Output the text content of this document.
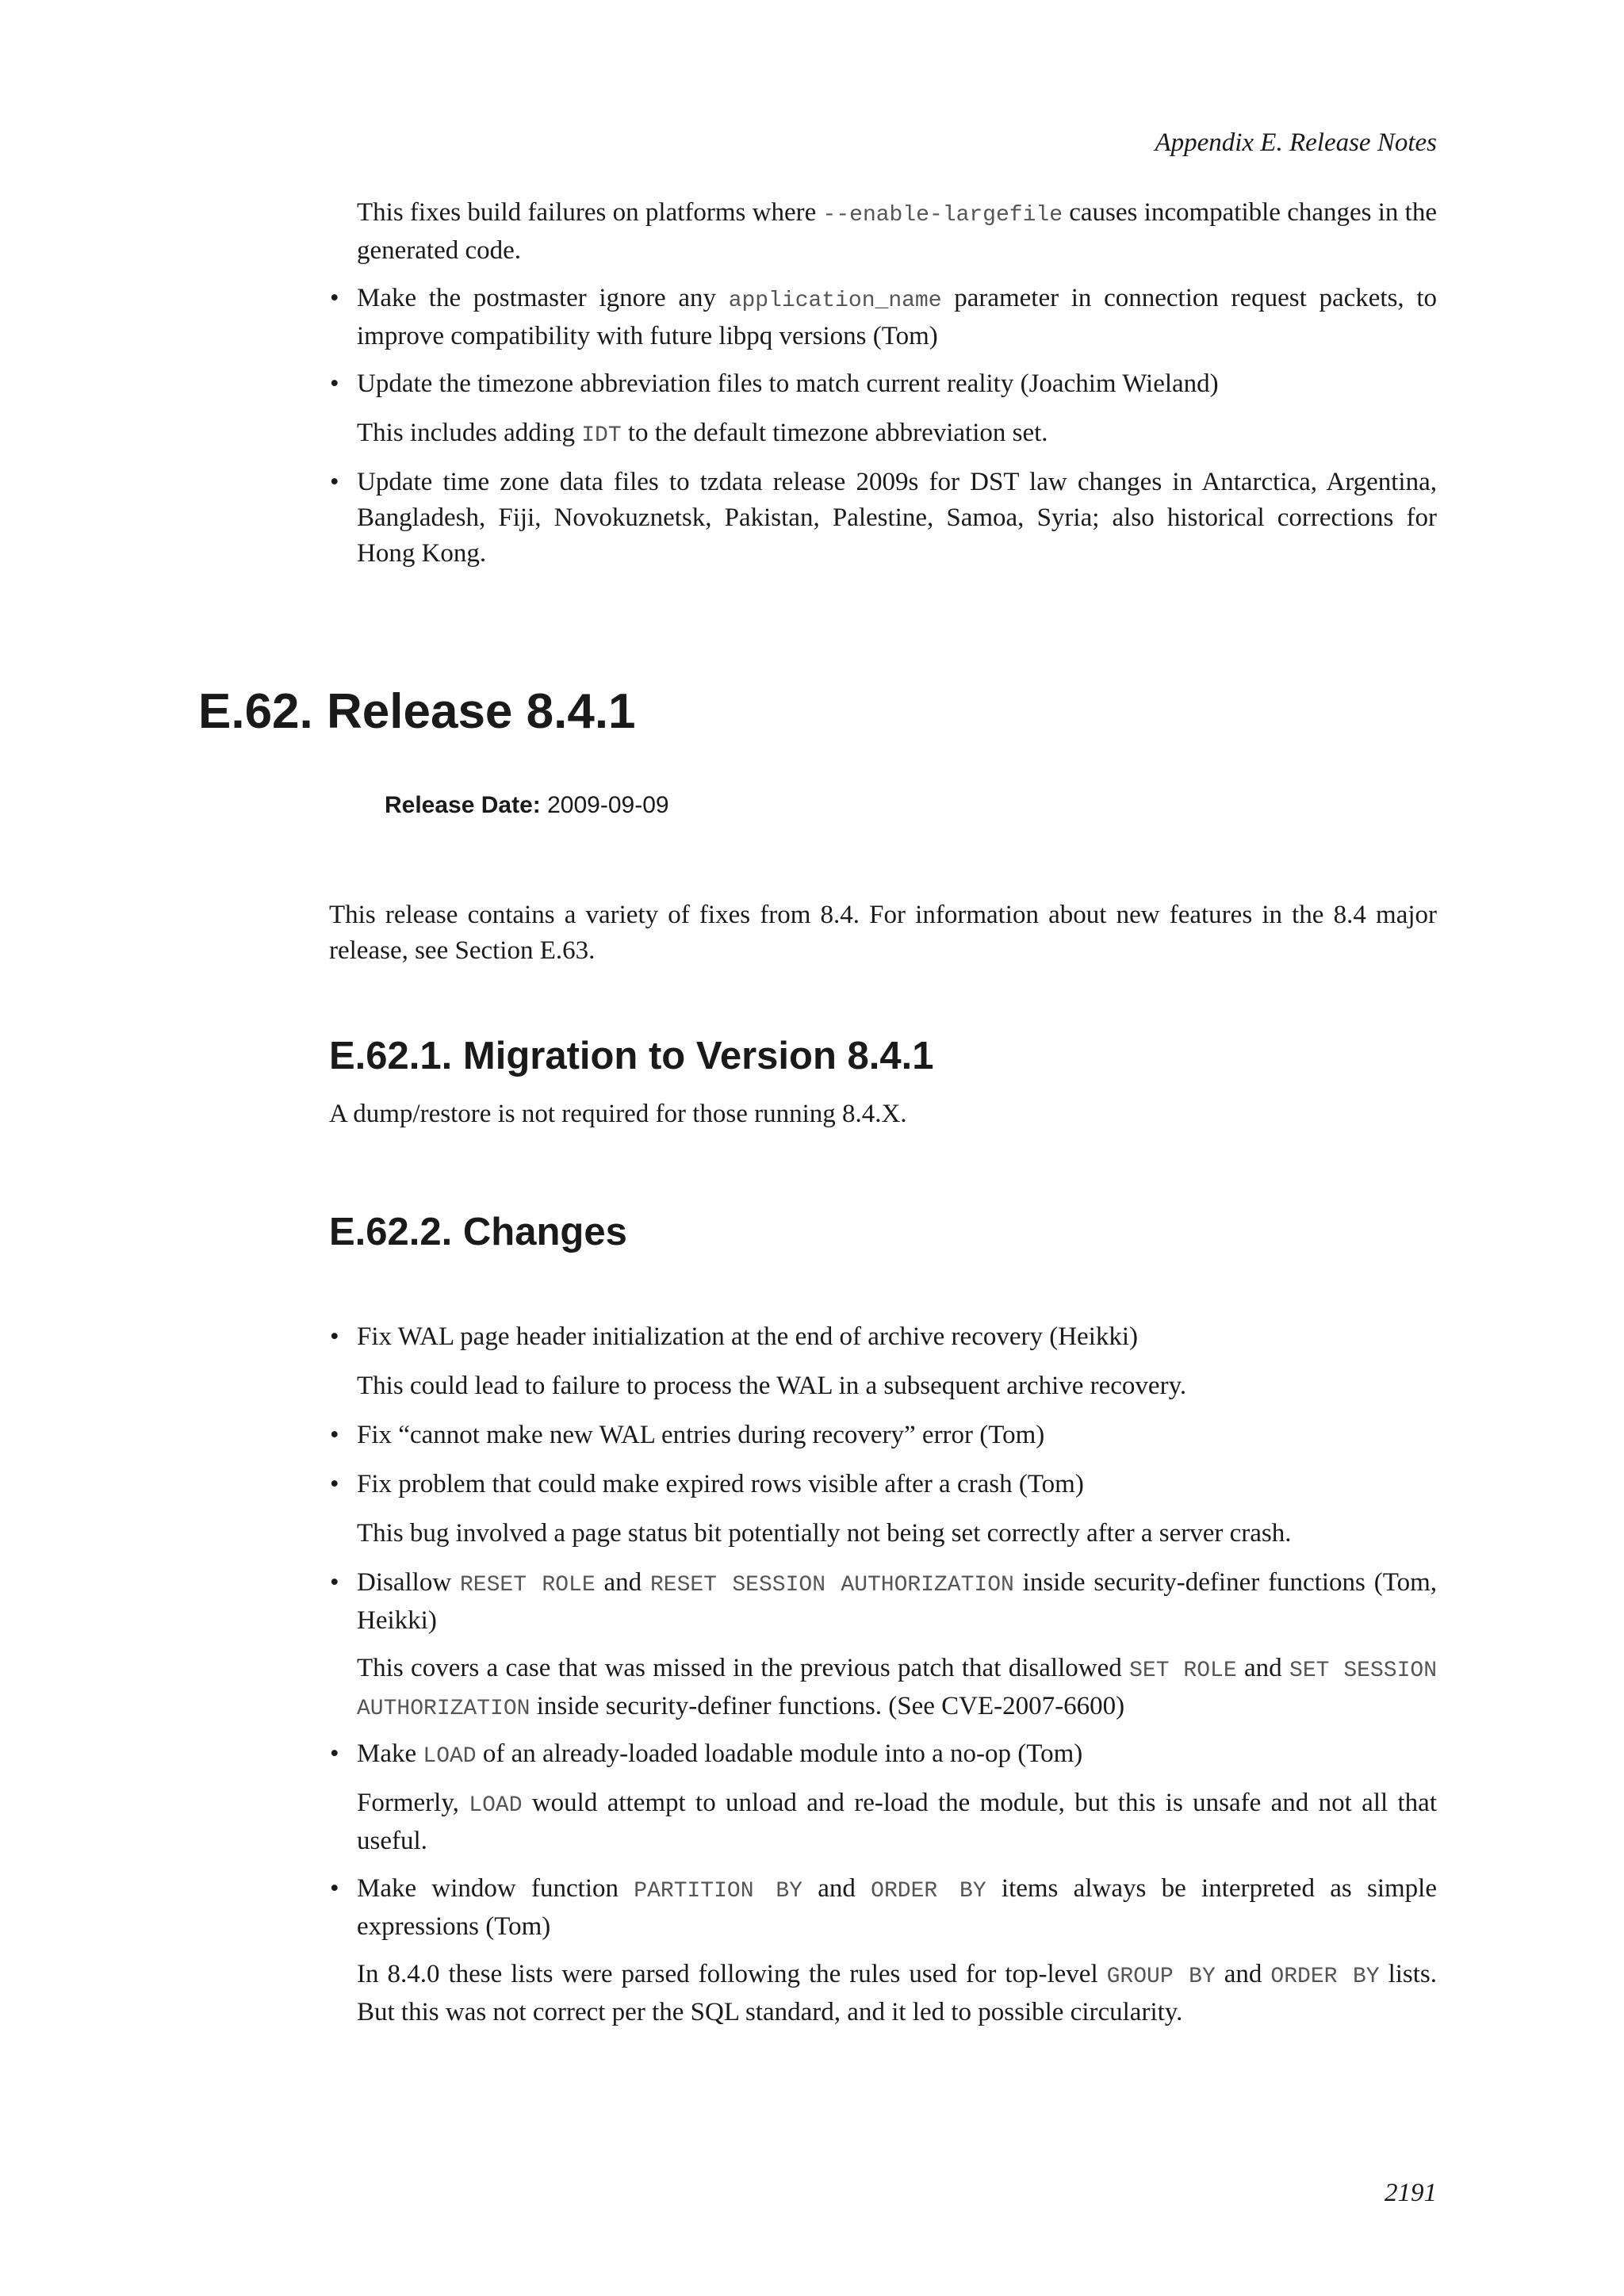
Appendix E. Release Notes
This fixes build failures on platforms where --enable-largefile causes incompatible changes in the generated code.
• Make the postmaster ignore any application_name parameter in connection request packets, to improve compatibility with future libpq versions (Tom)
• Update the timezone abbreviation files to match current reality (Joachim Wieland)
This includes adding IDT to the default timezone abbreviation set.
• Update time zone data files to tzdata release 2009s for DST law changes in Antarctica, Argentina, Bangladesh, Fiji, Novokuznetsk, Pakistan, Palestine, Samoa, Syria; also historical corrections for Hong Kong.
E.62. Release 8.4.1
Release Date: 2009-09-09
This release contains a variety of fixes from 8.4. For information about new features in the 8.4 major release, see Section E.63.
E.62.1. Migration to Version 8.4.1
A dump/restore is not required for those running 8.4.X.
E.62.2. Changes
• Fix WAL page header initialization at the end of archive recovery (Heikki)
This could lead to failure to process the WAL in a subsequent archive recovery.
• Fix “cannot make new WAL entries during recovery” error (Tom)
• Fix problem that could make expired rows visible after a crash (Tom)
This bug involved a page status bit potentially not being set correctly after a server crash.
• Disallow RESET ROLE and RESET SESSION AUTHORIZATION inside security-definer functions (Tom, Heikki)
This covers a case that was missed in the previous patch that disallowed SET ROLE and SET SESSION AUTHORIZATION inside security-definer functions. (See CVE-2007-6600)
• Make LOAD of an already-loaded loadable module into a no-op (Tom)
Formerly, LOAD would attempt to unload and re-load the module, but this is unsafe and not all that useful.
• Make window function PARTITION BY and ORDER BY items always be interpreted as simple expressions (Tom)
In 8.4.0 these lists were parsed following the rules used for top-level GROUP BY and ORDER BY lists. But this was not correct per the SQL standard, and it led to possible circularity.
2191
